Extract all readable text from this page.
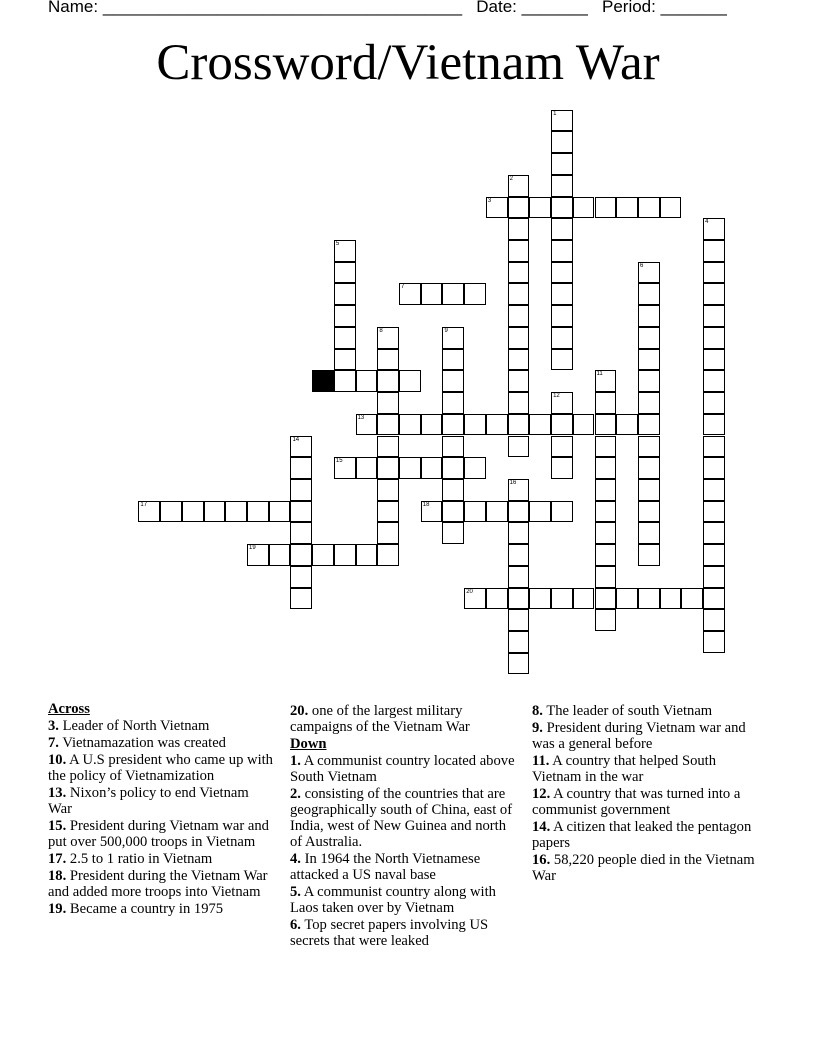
Name: ______________________________________ Date: _______ Period: _______
Crossword/Vietnam War
1
2
3
4
5
6
7
8	9
11
12
13
14
15
16
17	18
19
20
Across
3. Leader of North Vietnam
7. Vietnamazation was created
10. A U.S president who came up with the policy of Vietnamization
13. Nixon’s policy to end Vietnam War
15. President during Vietnam war and put over 500,000 troops in Vietnam
17. 2.5 to 1 ratio in Vietnam
18. President during the Vietnam War and added more troops into Vietnam
19. Became a country in 1975
20. one of the largest military campaigns of the Vietnam War
Down
1. A communist country located above South Vietnam
2. consisting of the countries that are geographically south of China, east of India, west of New Guinea and north of Australia.
4. In 1964 the North Vietnamese attacked a US naval base
5. A communist country along with Laos taken over by Vietnam
6. Top secret papers involving US secrets that were leaked
8. The leader of south Vietnam
9. President during Vietnam war and was a general before
11. A country that helped South Vietnam in the war
12. A country that was turned into a communist government
14. A citizen that leaked the pentagon papers
16. 58,220 people died in the Vietnam War
